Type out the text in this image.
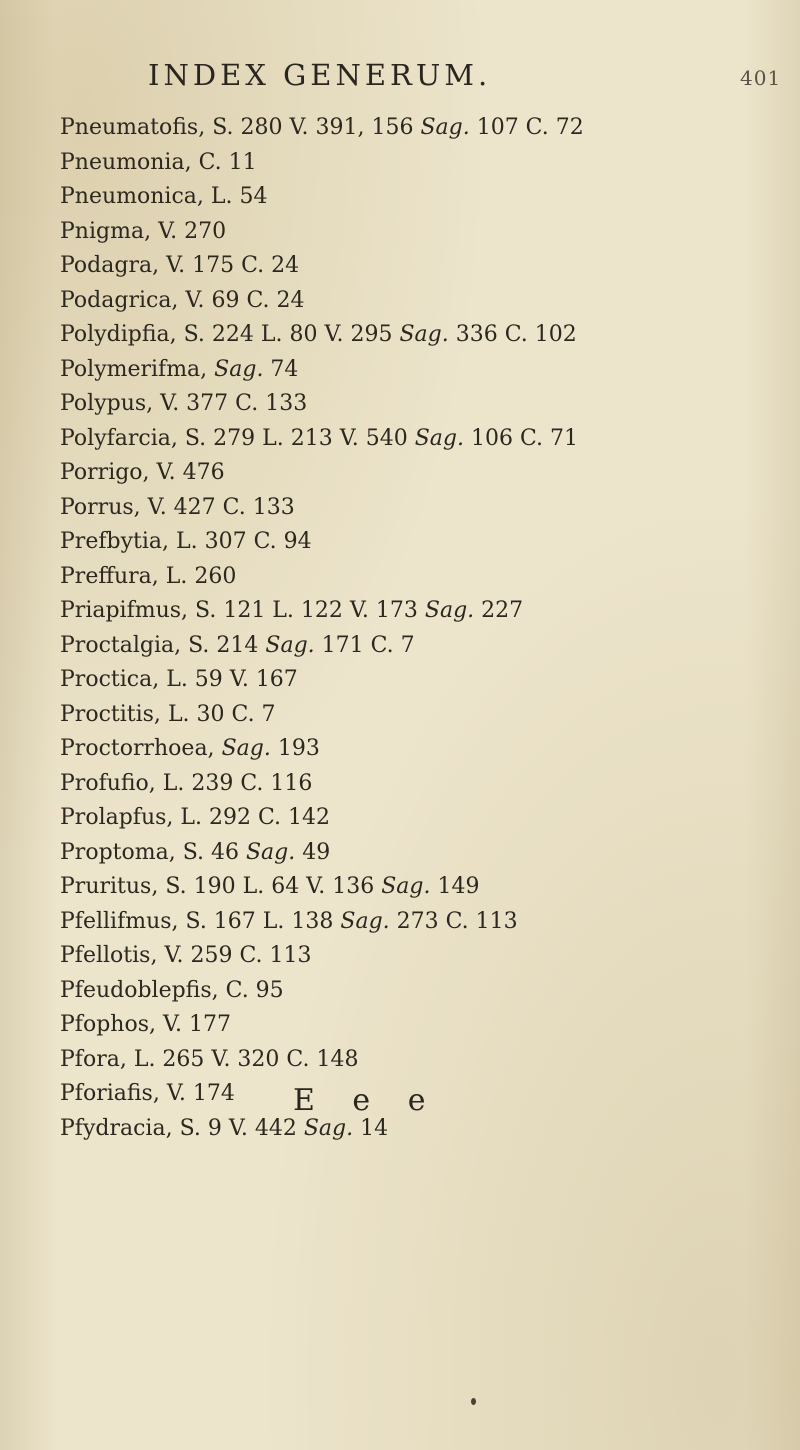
INDEX GENERUM.	401
Pneumatofis, S. 280 V. 391, 156 Sag. 107 C. 72
Pneumonia, C. 11
Pneumonica, L. 54
Pnigma, V. 270
Podagra, V. 175 C. 24
Podagrica, V. 69 C. 24
Polydipfia, S. 224 L. 80 V. 295 Sag. 336 C. 102
Polymerifma, Sag. 74
Polypus, V. 377 C. 133
Polyfarcia, S. 279 L. 213 V. 540 Sag. 106 C. 71
Porrigo, V. 476
Porrus, V. 427 C. 133
Prefbytia, L. 307 C. 94
Preffura, L. 260
Priapifmus, S. 121 L. 122 V. 173 Sag. 227
Proctalgia, S. 214 Sag. 171 C. 7
Proctica, L. 59 V. 167
Proctitis, L. 30 C. 7
Proctorrhoea, Sag. 193
Profufio, L. 239 C. 116
Prolapfus, L. 292 C. 142
Proptoma, S. 46 Sag. 49
Pruritus, S. 190 L. 64 V. 136 Sag. 149
Pfellifmus, S. 167 L. 138 Sag. 273 C. 113
Pfellotis, V. 259 C. 113
Pfeudoblepfis, C. 95
Pfophos, V. 177
Pfora, L. 265 V. 320 C. 148
Pforiafis, V. 174
Pfydracia, S. 9 V. 442 Sag. 14
E e e
